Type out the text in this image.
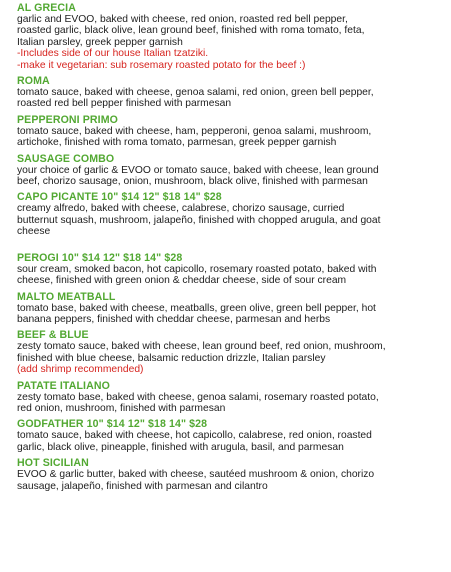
AL GRECIA
garlic and EVOO, baked with cheese, red onion, roasted red bell pepper,
roasted garlic, black olive, lean ground beef, finished with roma tomato, feta,
Italian parsley, greek pepper garnish
-Includes side of our house Italian tzatziki.
-make it vegetarian: sub rosemary roasted potato for the beef :)
ROMA
tomato sauce, baked with cheese, genoa salami, red onion, green bell pepper,
roasted red bell pepper finished with parmesan
PEPPERONI PRIMO
tomato sauce, baked with cheese, ham, pepperoni, genoa salami, mushroom,
artichoke, finished with roma tomato, parmesan, greek pepper garnish
SAUSAGE COMBO
your choice of garlic & EVOO or tomato sauce, baked with cheese, lean ground
beef, chorizo sausage, onion, mushroom, black olive, finished with parmesan
CAPO PICANTE 10" $14 12" $18 14" $28
creamy alfredo, baked with cheese, calabrese, chorizo sausage, curried
butternut squash, mushroom, jalapeño, finished with chopped arugula, and goat
cheese
PEROGI 10" $14 12" $18 14" $28
sour cream, smoked bacon, hot capicollo, rosemary roasted potato, baked with
cheese, finished with green onion & cheddar cheese, side of sour cream
MALTO MEATBALL
tomato base, baked with cheese, meatballs, green olive, green bell pepper, hot
banana peppers, finished with cheddar cheese, parmesan and herbs
BEEF & BLUE
zesty tomato sauce, baked with cheese, lean ground beef, red onion, mushroom,
finished with blue cheese, balsamic reduction drizzle, Italian parsley
(add shrimp recommended)
PATATE ITALIANO
zesty tomato base, baked with cheese, genoa salami, rosemary roasted potato,
red onion, mushroom, finished with parmesan
GODFATHER 10" $14 12" $18 14" $28
tomato sauce, baked with cheese, hot capicollo, calabrese, red onion, roasted
garlic, black olive, pineapple, finished with arugula, basil, and parmesan
HOT SICILIAN
EVOO & garlic butter, baked with cheese, sautéed mushroom & onion, chorizo
sausage, jalapeño, finished with parmesan and cilantro
